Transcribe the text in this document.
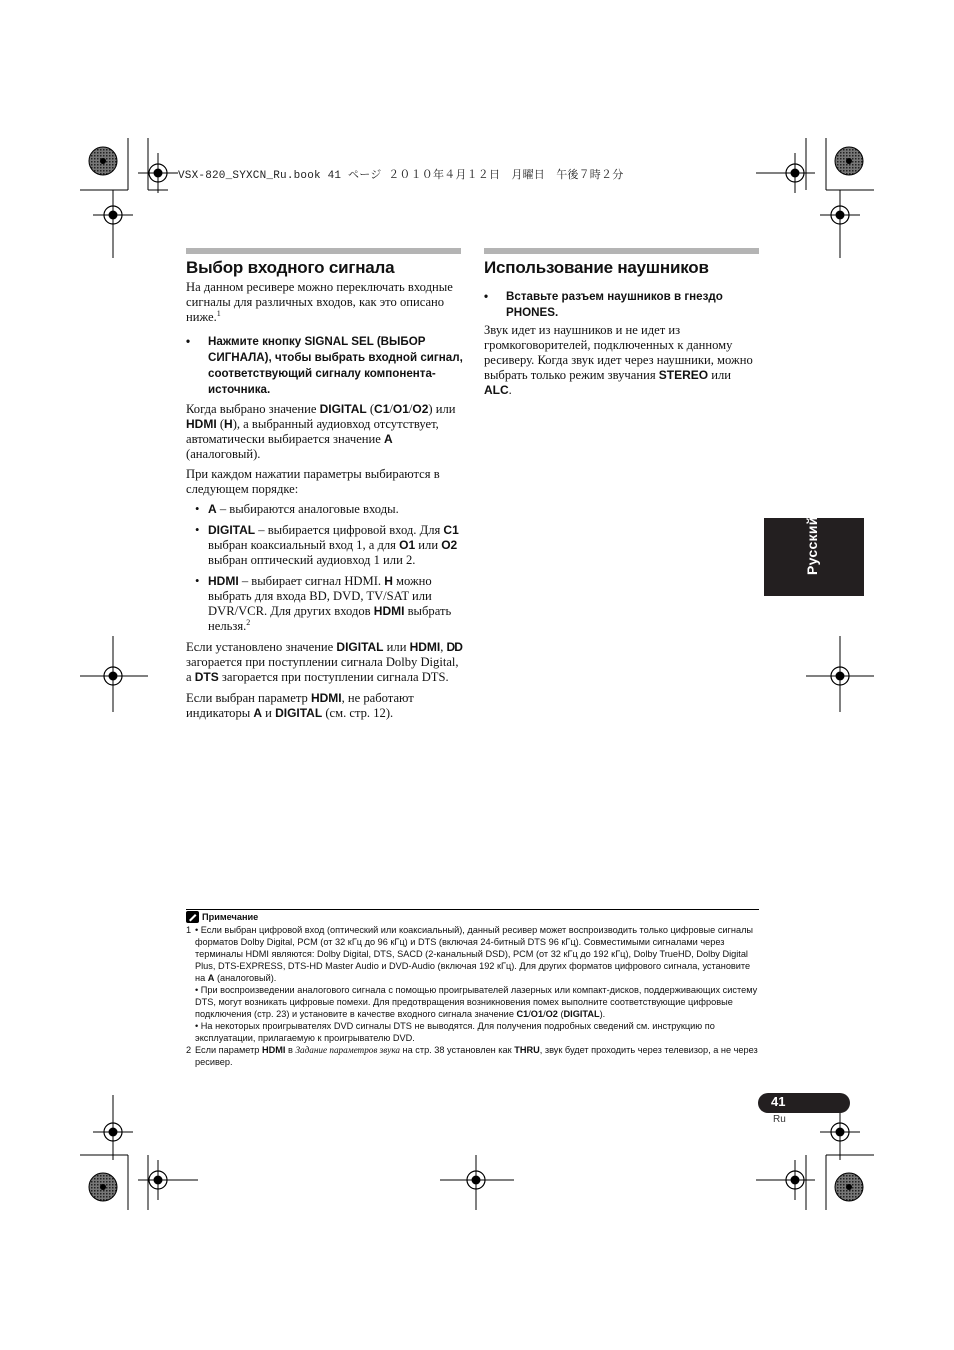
VSX-820_SYXCN_Ru.book 41 ページ ２０１０年４月１２日　月曜日　午後７時２分
Выбор входного сигнала

На данном ресивере можно переключать входные сигналы для различных входов, как это описано ниже.$^1$

• Нажмите кнопку SIGNAL SEL (ВЫБОР СИГНАЛА), чтобы выбрать входной сигнал, соответствующий сигналу компонента-источника.

Когда выбрано значение DIGITAL (C1/O1/O2) или HDMI (H), а выбранный аудиовход отсутствует, автоматически выбирается значение A (аналоговый).

При каждом нажатии параметры выбираются в следующем порядке:

• A – выбираются аналоговые входы.

• DIGITAL – выбирается цифровой вход. Для C1 выбран коаксиальный вход 1, а для O1 или O2 выбран оптический аудиовход 1 или 2.

• HDMI – выбирает сигнал HDMI. H можно выбрать для входа BD, DVD, TV/SAT или DVR/VCR. Для других входов HDMI выбрать нельзя.$^2$

Если установлено значение DIGITAL или HDMI, DD загорается при поступлении сигнала Dolby Digital, а DTS загорается при поступлении сигнала DTS.

Если выбран параметр HDMI, не работают индикаторы A и DIGITAL (см. стр. 12).

Использование наушников

• Вставьте разъем наушников в гнездо PHONES.

Звук идет из наушников и не идет из громкоговорителей, подключенных к данному ресиверу. Когда звук идет через наушники, можно выбрать только режим звучания STEREO или ALC.

Русский
Примечание
1 • Если выбран цифровой вход (оптический или коаксиальный), данный ресивер может воспроизводить только цифровые сигналы форматов Dolby Digital, PCM (от 32 кГц до 96 кГц) и DTS (включая 24-битный DTS 96 кГц). Совместимыми сигналами через терминалы HDMI являются: Dolby Digital, DTS, SACD (2-канальный DSD), PCM (от 32 кГц до 192 кГц), Dolby TrueHD, Dolby Digital Plus, DTS-EXPRESS, DTS-HD Master Audio и DVD-Audio (включая 192 кГц). Для других форматов цифрового сигнала, установите на A (аналоговый).
• При воспроизведении аналогового сигнала с помощью проигрывателей лазерных или компакт-дисков, поддерживающих систему DTS, могут возникать цифровые помехи. Для предотвращения возникновения помех выполните соответствующие цифровые подключения (стр. 23) и установите в качестве входного сигнала значение C1/O1/O2 (DIGITAL).
• На некоторых проигрывателях DVD сигналы DTS не выводятся. Для получения подробных сведений см. инструкцию по эксплуатации, прилагаемую к проигрывателю DVD.
2 Если параметр HDMI в Задание параметров звука на стр. 38 установлен как THRU, звук будет проходить через телевизор, а не через ресивер.
41
Ru
